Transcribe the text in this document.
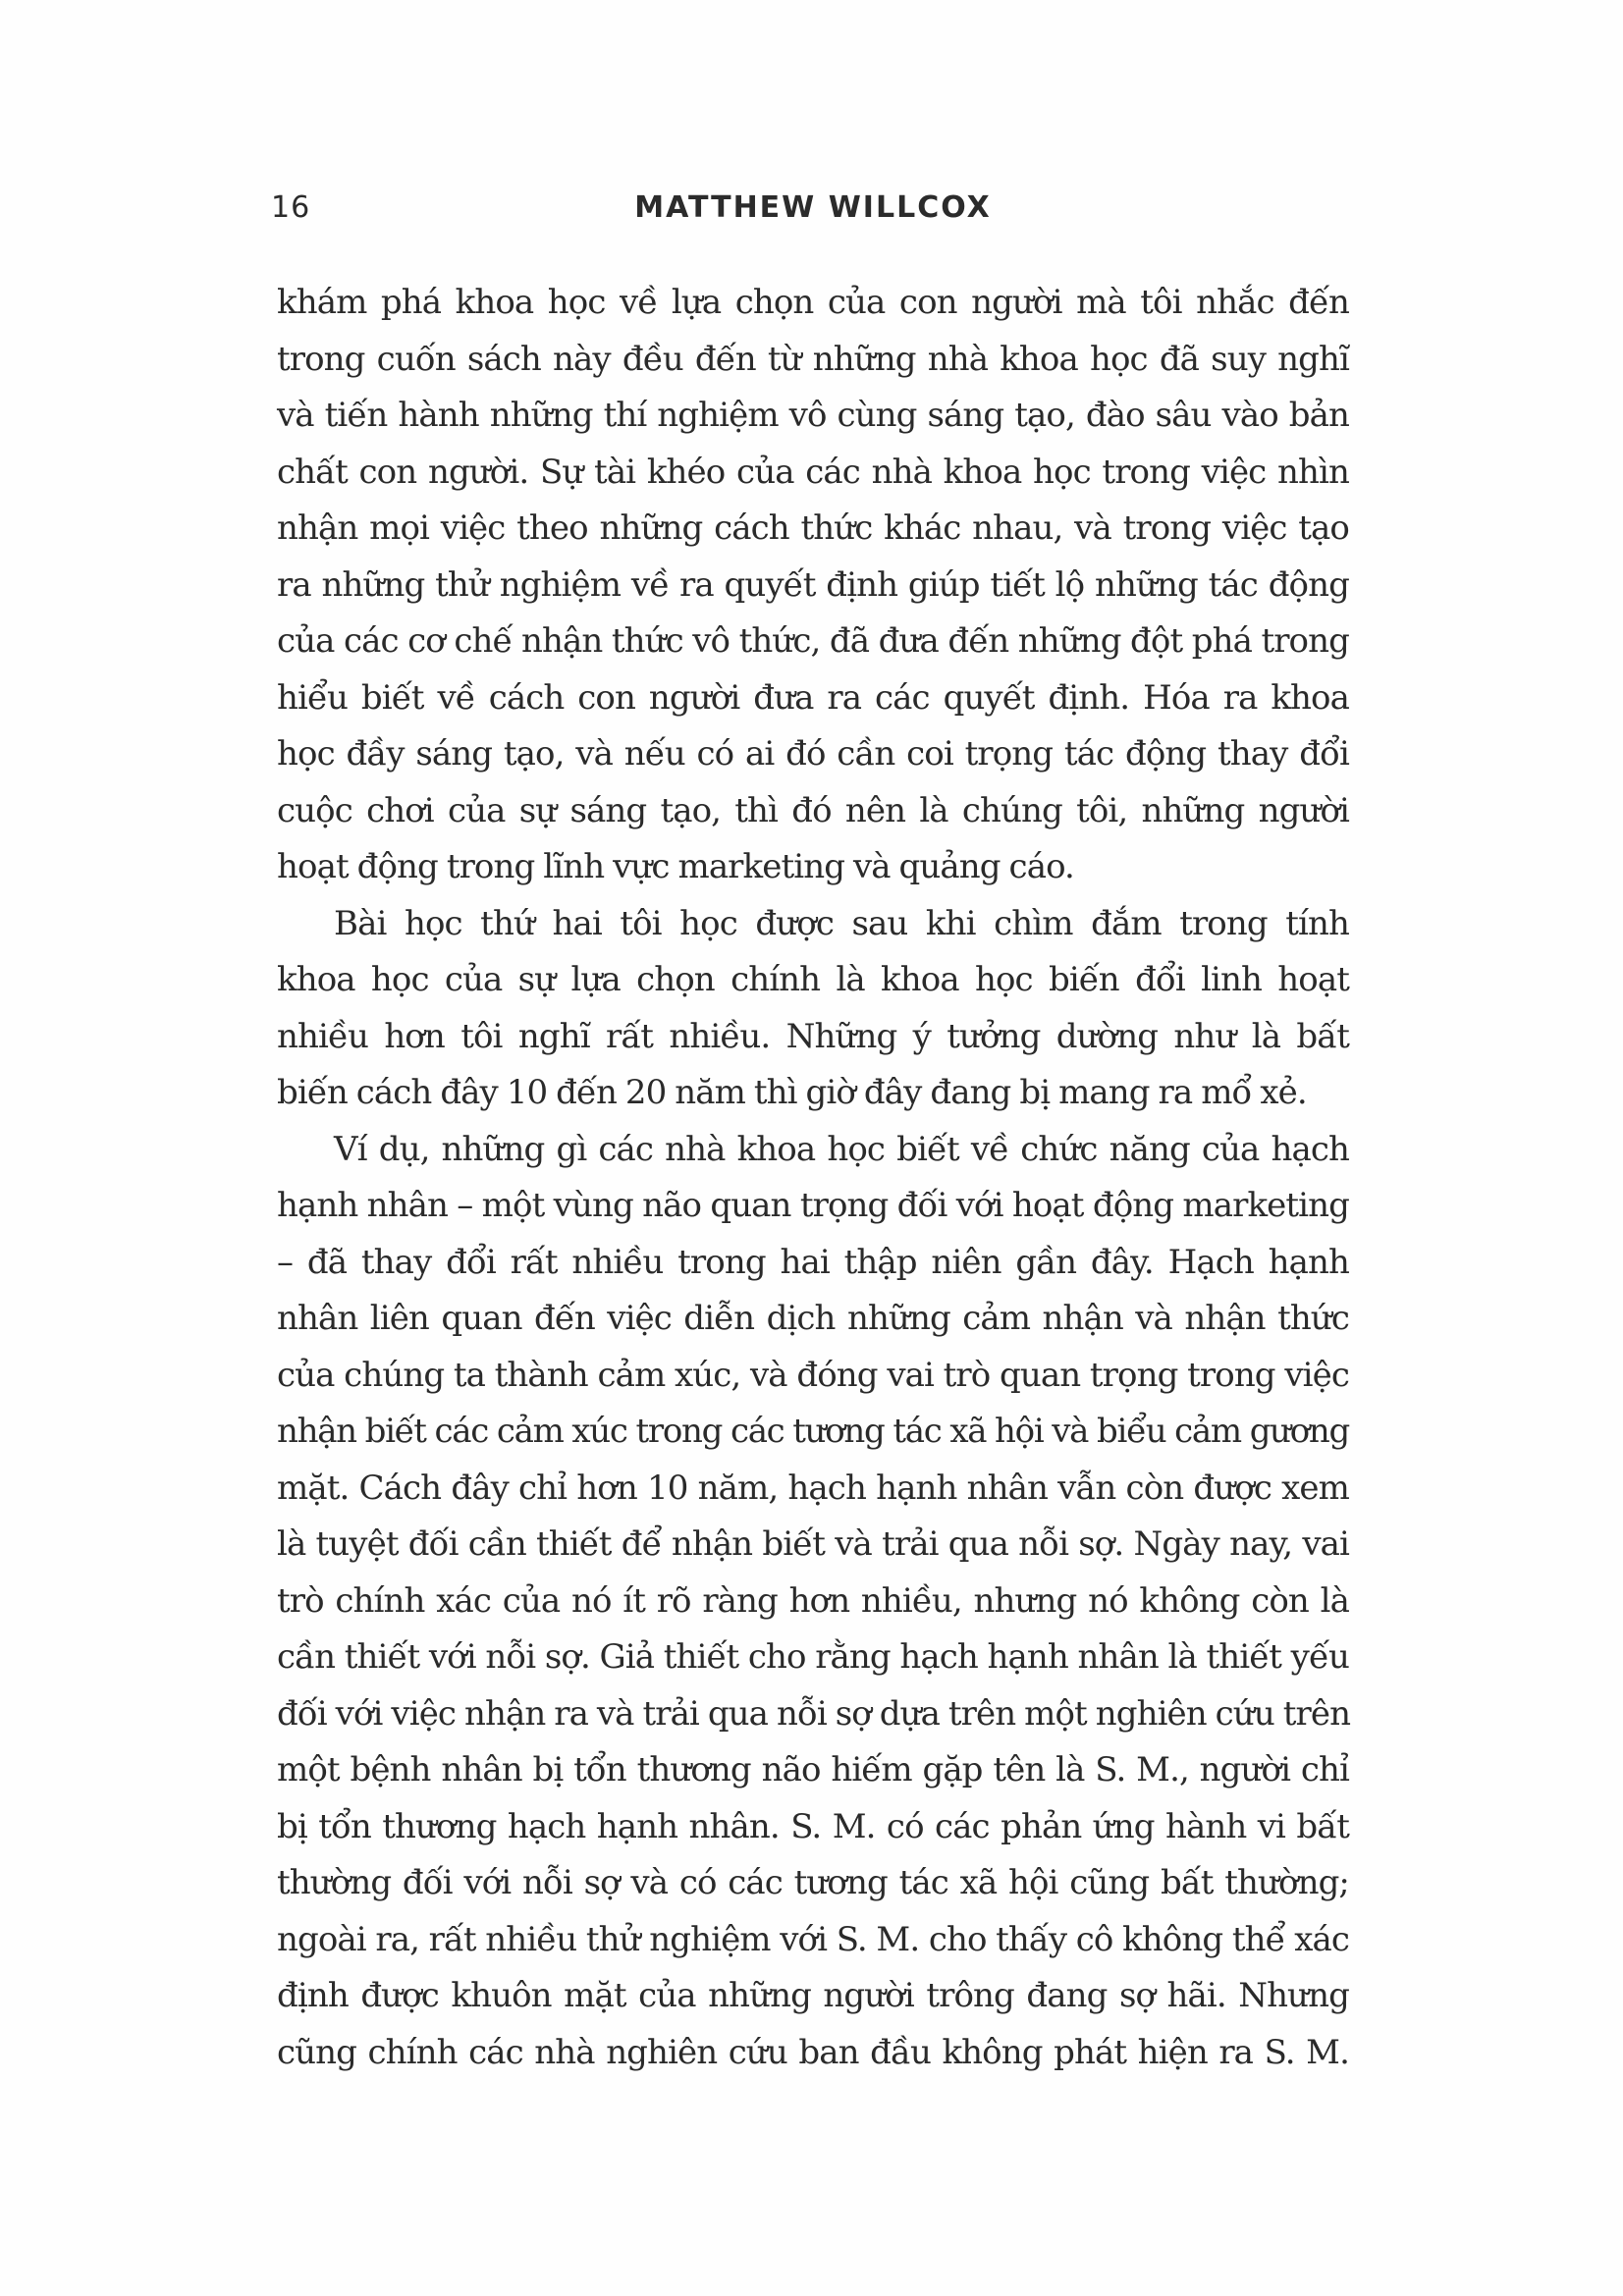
16	MATTHEW WILLCOX
khám phá khoa học về lựa chọn của con người mà tôi nhắc đến
trong cuốn sách này đều đến từ những nhà khoa học đã suy nghĩ
và tiến hành những thí nghiệm vô cùng sáng tạo, đào sâu vào bản
chất con người. Sự tài khéo của các nhà khoa học trong việc nhìn
nhận mọi việc theo những cách thức khác nhau, và trong việc tạo
ra những thử nghiệm về ra quyết định giúp tiết lộ những tác động
của các cơ chế nhận thức vô thức, đã đưa đến những đột phá trong
hiểu biết về cách con người đưa ra các quyết định. Hóa ra khoa
học đầy sáng tạo, và nếu có ai đó cần coi trọng tác động thay đổi
cuộc chơi của sự sáng tạo, thì đó nên là chúng tôi, những người
hoạt động trong lĩnh vực marketing và quảng cáo.
Bài học thứ hai tôi học được sau khi chìm đắm trong tính
khoa học của sự lựa chọn chính là khoa học biến đổi linh hoạt
nhiều hơn tôi nghĩ rất nhiều. Những ý tưởng dường như là bất
biến cách đây 10 đến 20 năm thì giờ đây đang bị mang ra mổ xẻ.
Ví dụ, những gì các nhà khoa học biết về chức năng của hạch
hạnh nhân – một vùng não quan trọng đối với hoạt động marketing
– đã thay đổi rất nhiều trong hai thập niên gần đây. Hạch hạnh
nhân liên quan đến việc diễn dịch những cảm nhận và nhận thức
của chúng ta thành cảm xúc, và đóng vai trò quan trọng trong việc
nhận biết các cảm xúc trong các tương tác xã hội và biểu cảm gương
mặt. Cách đây chỉ hơn 10 năm, hạch hạnh nhân vẫn còn được xem
là tuyệt đối cần thiết để nhận biết và trải qua nỗi sợ. Ngày nay, vai
trò chính xác của nó ít rõ ràng hơn nhiều, nhưng nó không còn là
cần thiết với nỗi sợ. Giả thiết cho rằng hạch hạnh nhân là thiết yếu
đối với việc nhận ra và trải qua nỗi sợ dựa trên một nghiên cứu trên
một bệnh nhân bị tổn thương não hiếm gặp tên là S. M., người chỉ
bị tổn thương hạch hạnh nhân. S. M. có các phản ứng hành vi bất
thường đối với nỗi sợ và có các tương tác xã hội cũng bất thường;
ngoài ra, rất nhiều thử nghiệm với S. M. cho thấy cô không thể xác
định được khuôn mặt của những người trông đang sợ hãi. Nhưng
cũng chính các nhà nghiên cứu ban đầu không phát hiện ra S. M.
